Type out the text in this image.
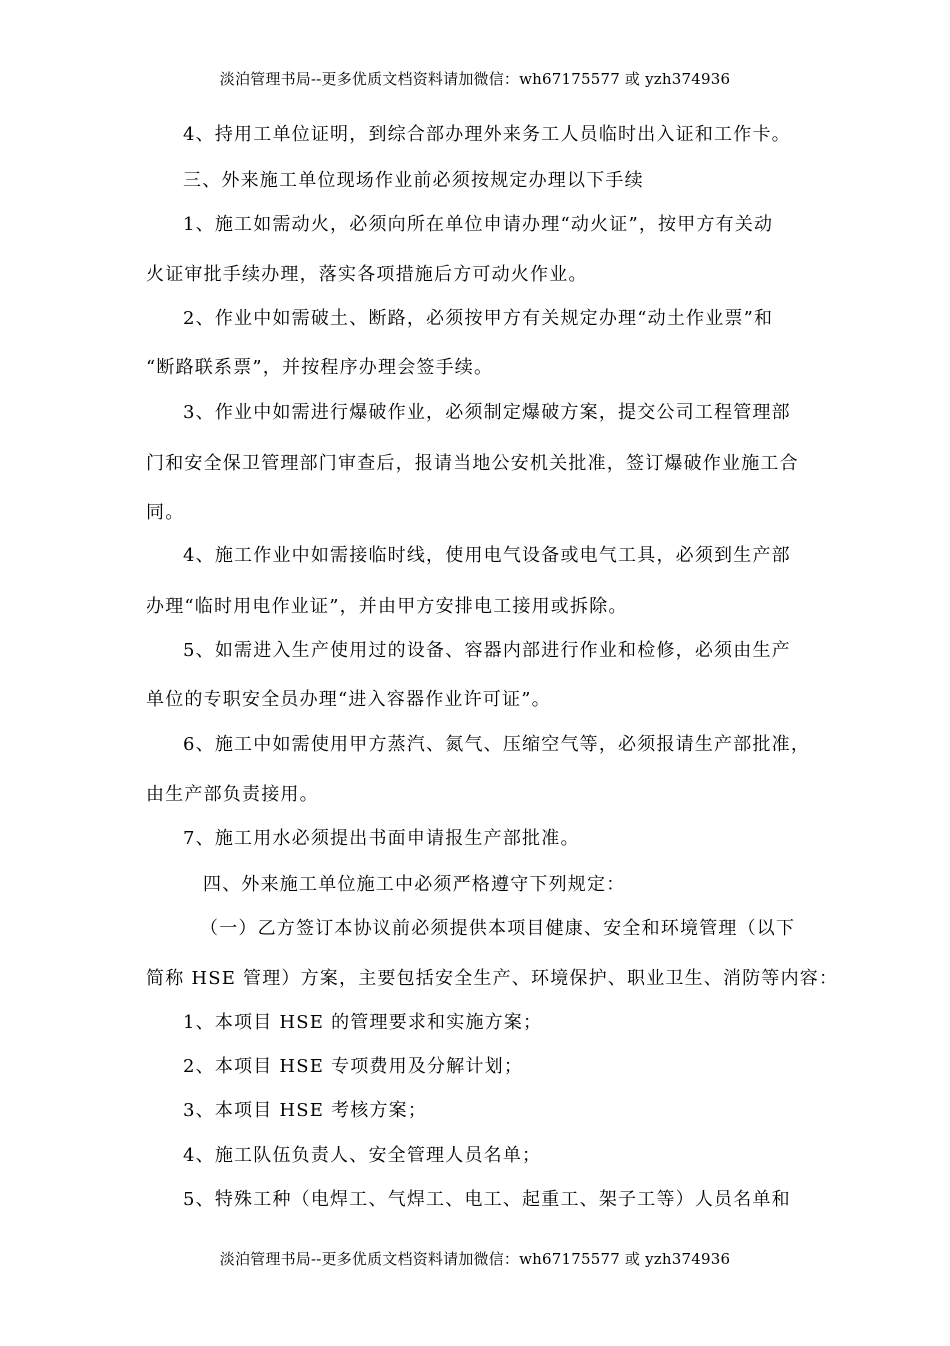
淡泊管理书局--更多优质文档资料请加微信：wh67175577 或 yzh374936
4、持用工单位证明，到综合部办理外来务工人员临时出入证和工作卡。
三、外来施工单位现场作业前必须按规定办理以下手续
1、施工如需动火，必须向所在单位申请办理“动火证”，按甲方有关动
火证审批手续办理，落实各项措施后方可动火作业。
2、作业中如需破土、断路，必须按甲方有关规定办理“动土作业票”和
“断路联系票”，并按程序办理会签手续。
3、作业中如需进行爆破作业，必须制定爆破方案，提交公司工程管理部
门和安全保卫管理部门审查后，报请当地公安机关批准，签订爆破作业施工合
同。
4、施工作业中如需接临时线，使用电气设备或电气工具，必须到生产部
办理“临时用电作业证”，并由甲方安排电工接用或拆除。
5、如需进入生产使用过的设备、容器内部进行作业和检修，必须由生产
单位的专职安全员办理“进入容器作业许可证”。
6、施工中如需使用甲方蒸汽、氮气、压缩空气等，必须报请生产部批准，
由生产部负责接用。
7、施工用水必须提出书面申请报生产部批准。
四、外来施工单位施工中必须严格遵守下列规定：
（一）乙方签订本协议前必须提供本项目健康、安全和环境管理（以下
简称 HSE 管理）方案，主要包括安全生产、环境保护、职业卫生、消防等内容：
1、本项目 HSE 的管理要求和实施方案；
2、本项目 HSE 专项费用及分解计划；
3、本项目 HSE 考核方案；
4、施工队伍负责人、安全管理人员名单；
5、特殊工种（电焊工、气焊工、电工、起重工、架子工等）人员名单和
淡泊管理书局--更多优质文档资料请加微信：wh67175577 或 yzh374936
